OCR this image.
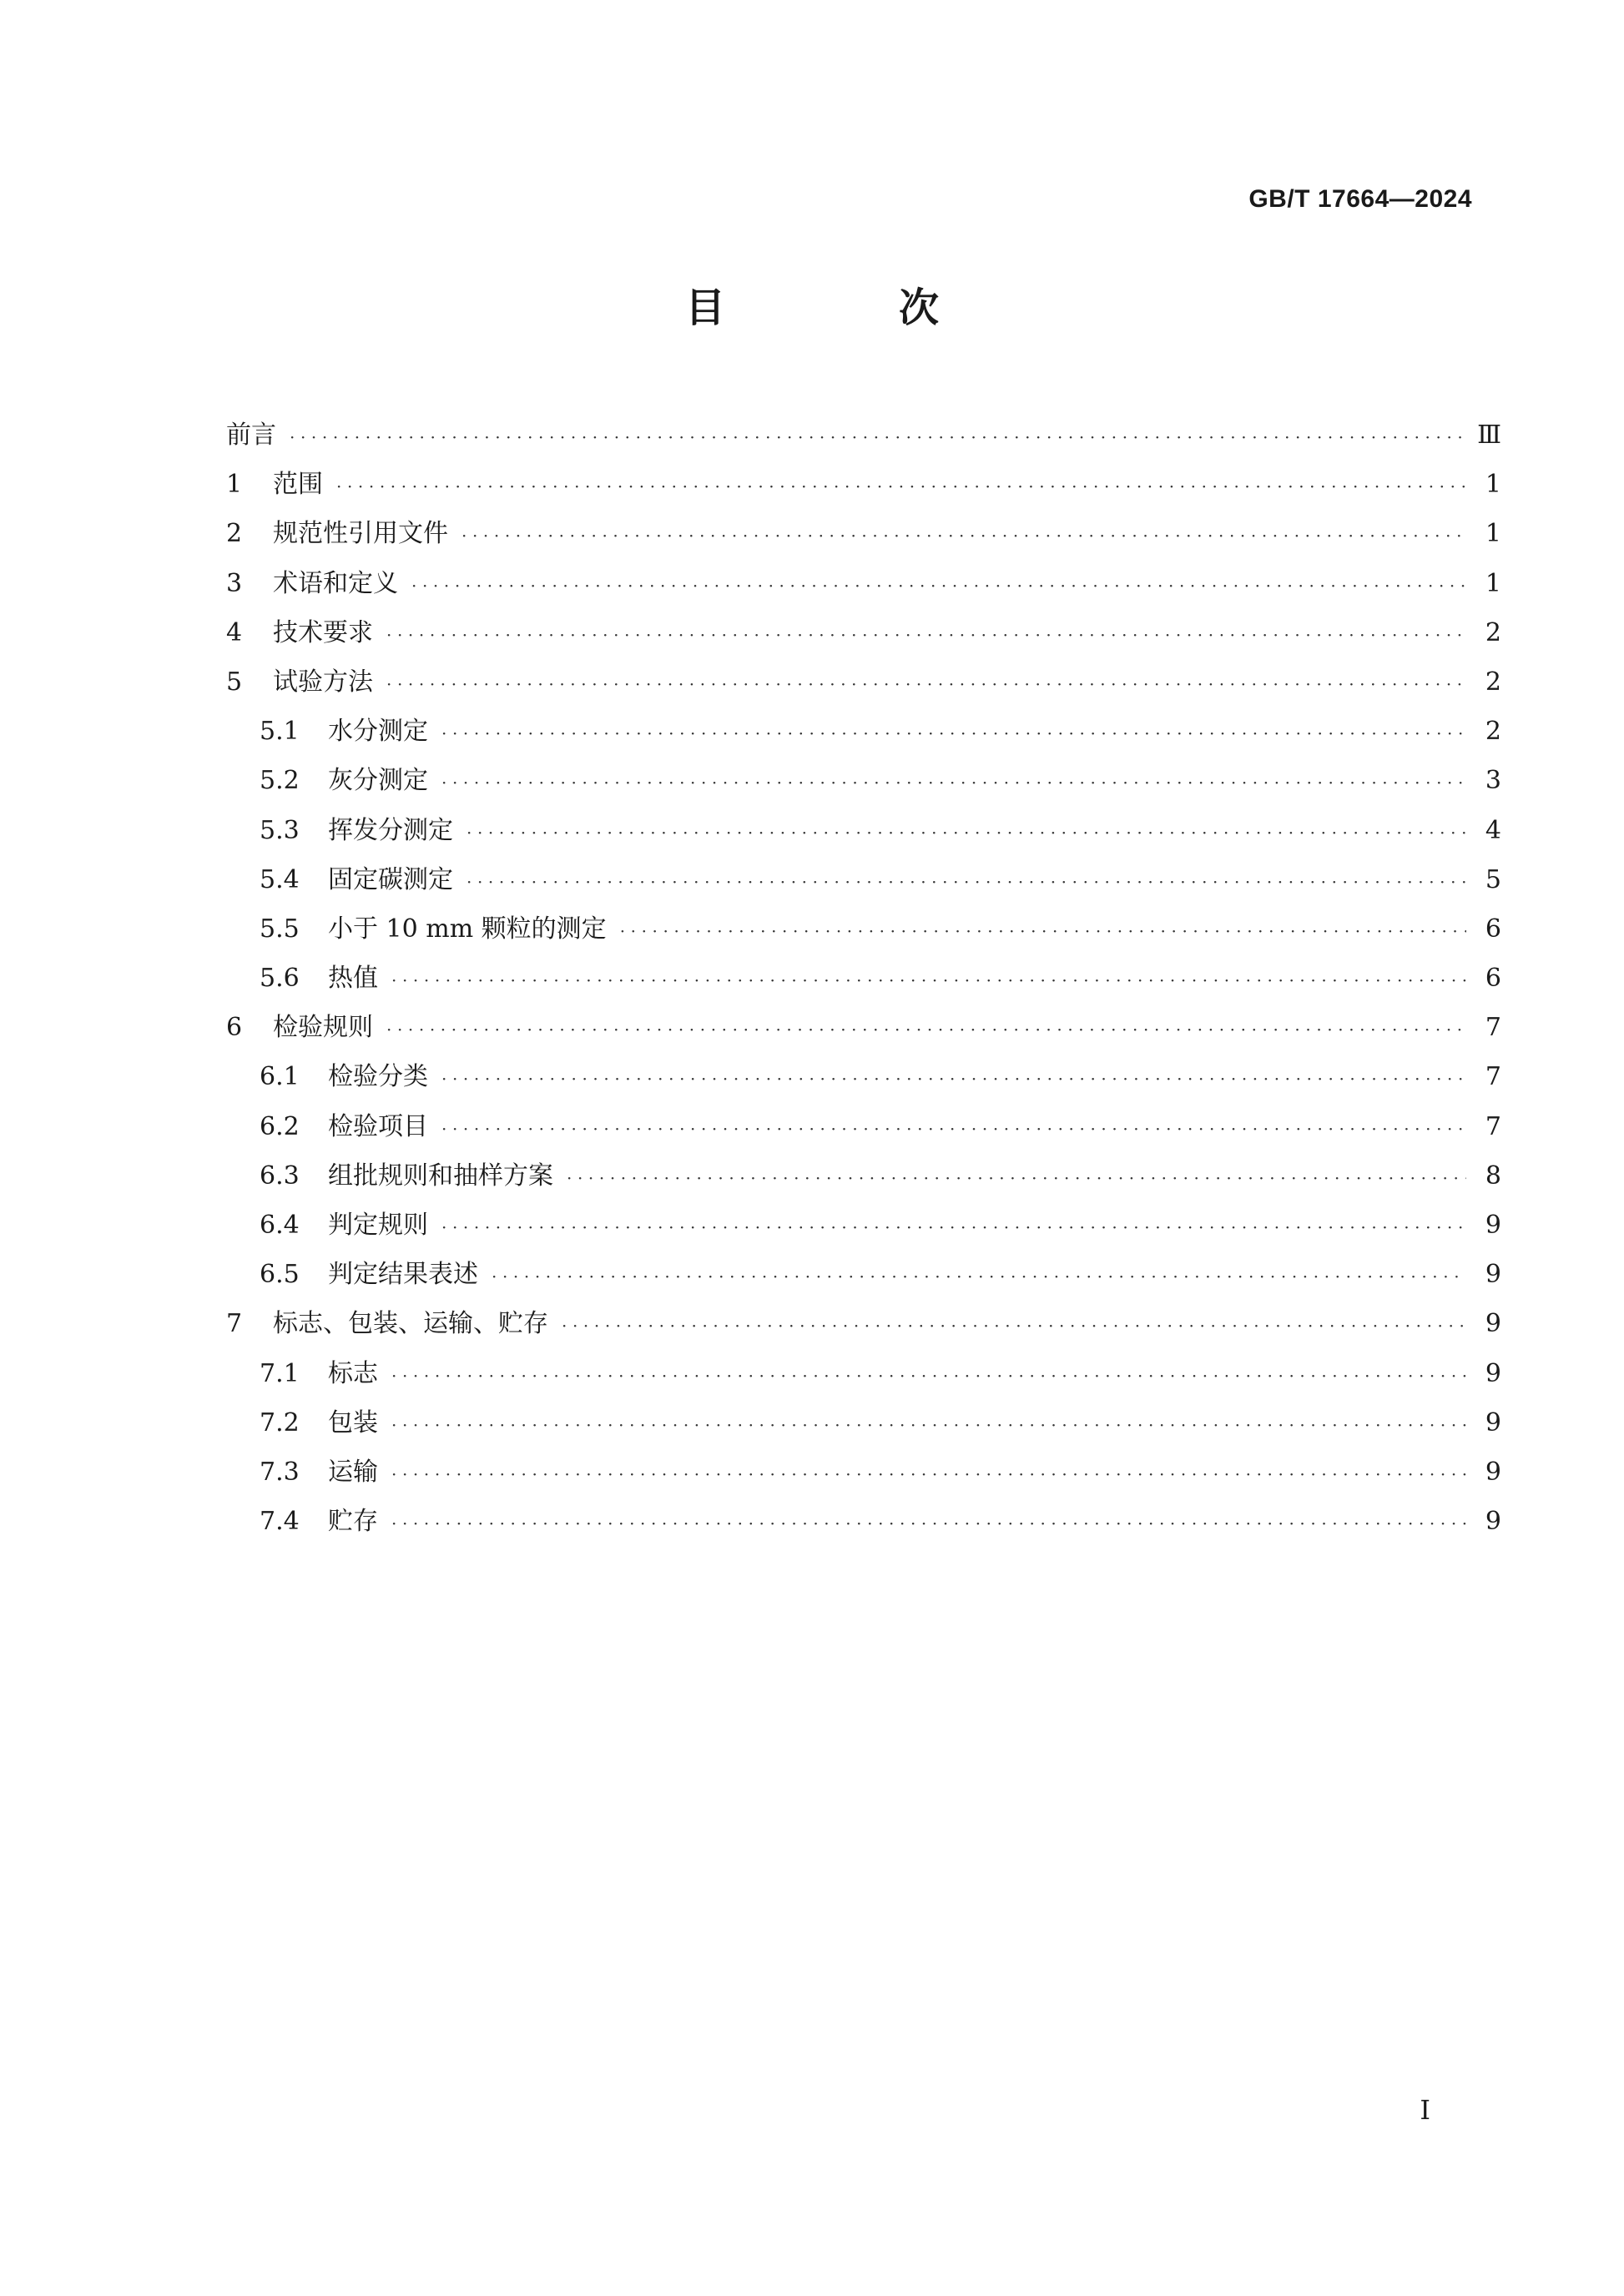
GB/T 17664—2024
目　次
前言 ·····	Ⅲ
1	范围 ·····	1
2	规范性引用文件 ·····	1
3	术语和定义 ·····	1
4	技术要求 ·····	2
5	试验方法 ·····	2
5.1	水分测定 ·····	2
5.2	灰分测定 ·····	3
5.3	挥发分测定 ·····	4
5.4	固定碳测定 ·····	5
5.5	小于 10 mm 颗粒的测定 ·····	6
5.6	热值 ·····	6
6	检验规则 ·····	7
6.1	检验分类 ·····	7
6.2	检验项目 ·····	7
6.3	组批规则和抽样方案 ·····	8
6.4	判定规则 ·····	9
6.5	判定结果表述 ·····	9
7	标志、包装、运输、贮存 ·····	9
7.1	标志 ·····	9
7.2	包装 ·····	9
7.3	运输 ·····	9
7.4	贮存 ·····	9
I
